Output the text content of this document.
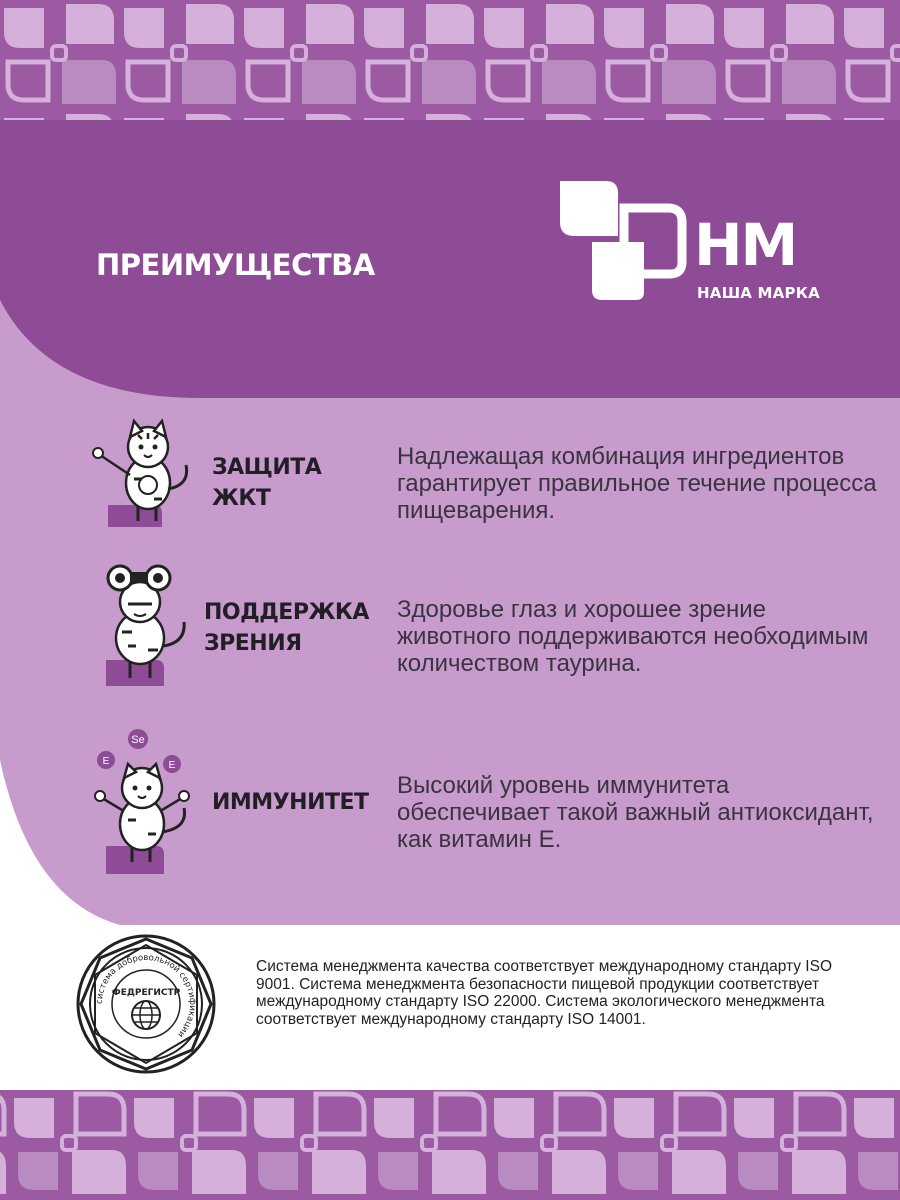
ПРЕИМУЩЕСТВА	НМ
НАША МАРКА
ЗАЩИТА ЖКТ
Надлежащая комбинация ингредиентов гарантирует правильное течение процесса пищеварения.
ПОДДЕРЖКА ЗРЕНИЯ
Здоровье глаз и хорошее зрение животного поддерживаются необходимым количеством таурина.
E
Se
E
ИММУНИТЕТ
Высокий уровень иммунитета обеспечивает такой важный антиоксидант, как витамин E.
система добровольной сертификации
ФЕДРЕГИСТР
Система менеджмента качества соответствует международному стандарту ISO 9001. Система менеджмента безопасности пищевой продукции соответствует международному стандарту ISO 22000. Система экологического менеджмента соответствует международному стандарту ISO 14001.
